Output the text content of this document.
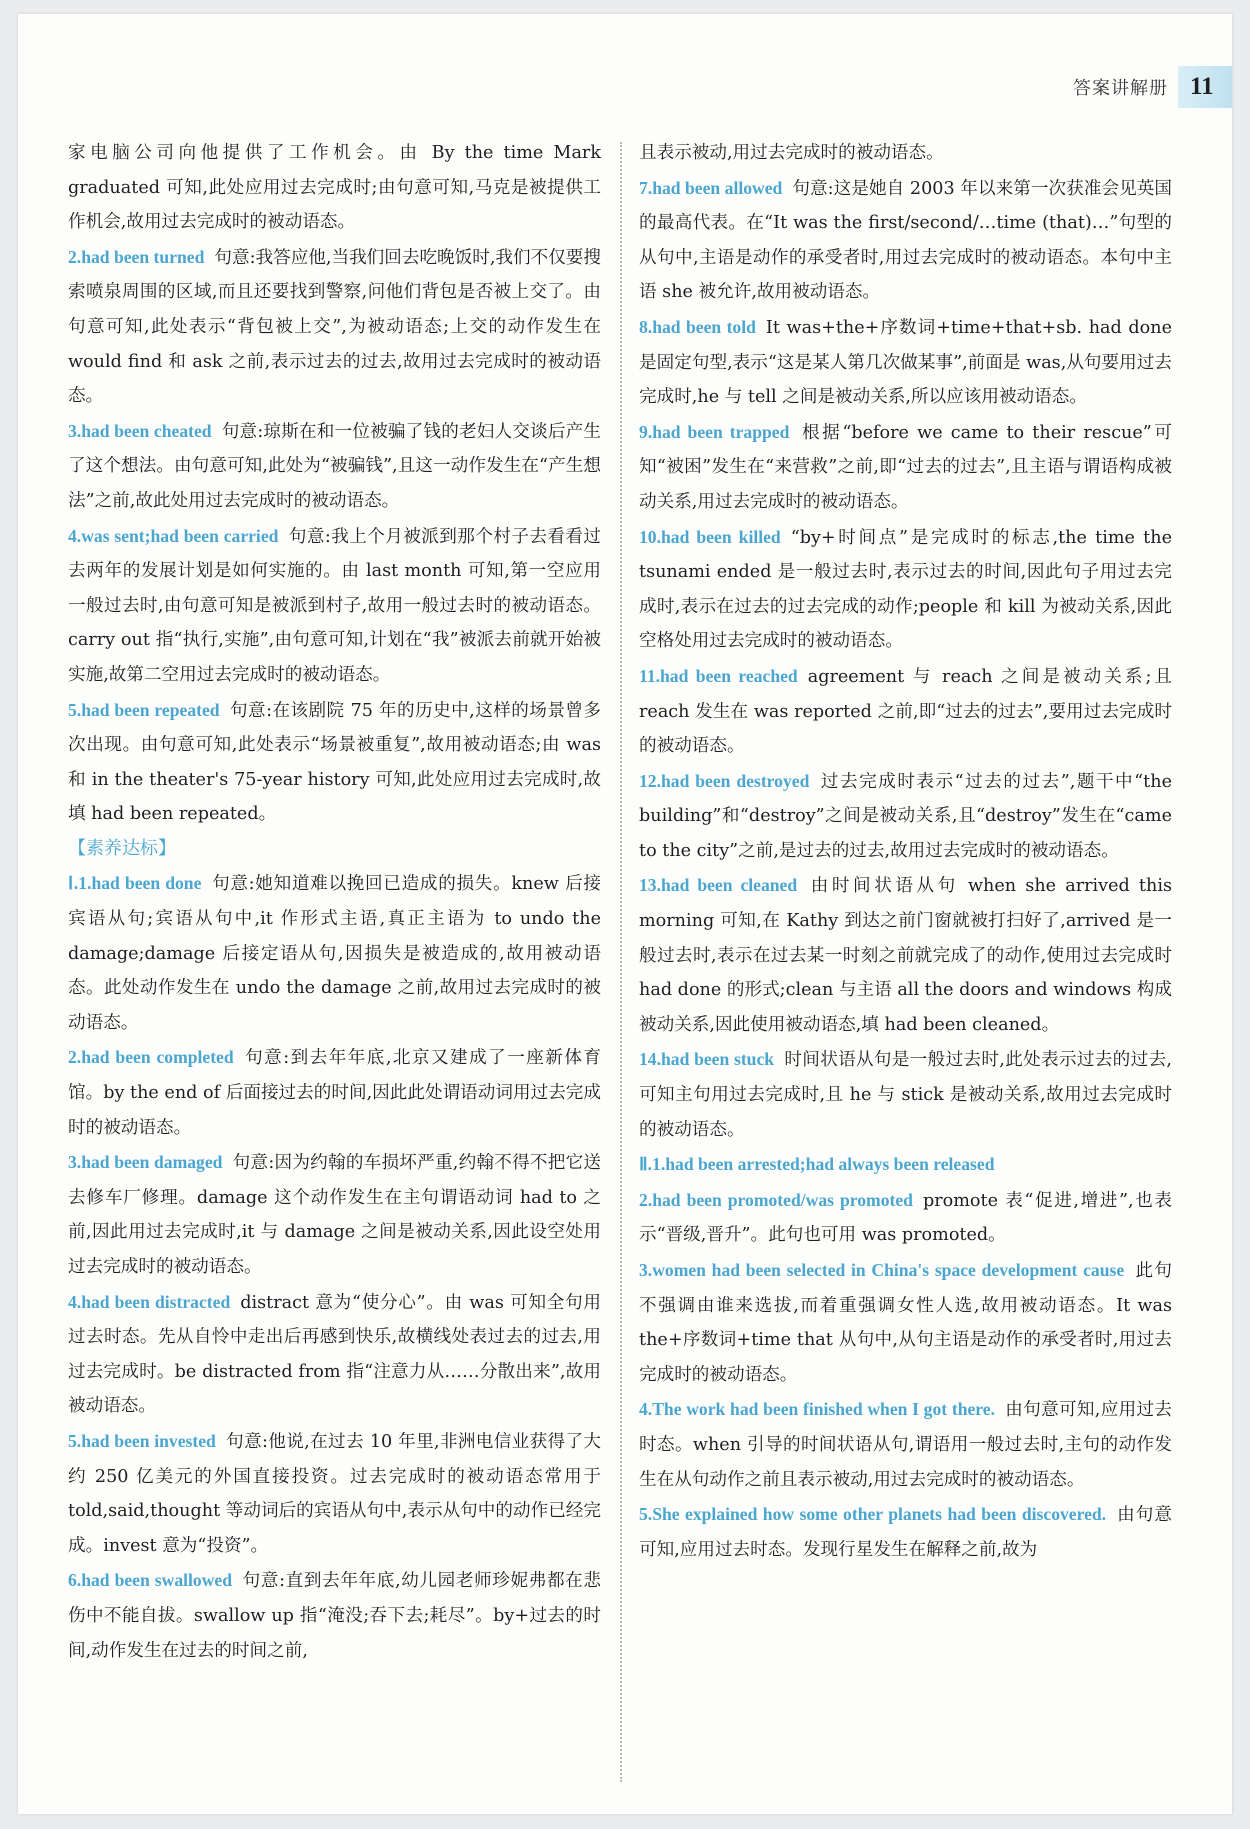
答案讲解册 11

家电脑公司向他提供了工作机会。由 By the time Mark graduated 可知,此处应用过去完成时;由句意可知,马克是被提供工作机会,故用过去完成时的被动语态。

2.had been turned 句意:我答应他,当我们回去吃晚饭时,我们不仅要搜索喷泉周围的区域,而且还要找到警察,问他们背包是否被上交了。由句意可知,此处表示“背包被上交”,为被动语态;上交的动作发生在 would find 和 ask 之前,表示过去的过去,故用过去完成时的被动语态。

3.had been cheated 句意:琼斯在和一位被骗了钱的老妇人交谈后产生了这个想法。由句意可知,此处为“被骗钱”,且这一动作发生在“产生想法”之前,故此处用过去完成时的被动语态。

4.was sent;had been carried 句意:我上个月被派到那个村子去看看过去两年的发展计划是如何实施的。由 last month 可知,第一空应用一般过去时,由句意可知是被派到村子,故用一般过去时的被动语态。carry out 指“执行,实施”,由句意可知,计划在“我”被派去前就开始被实施,故第二空用过去完成时的被动语态。

5.had been repeated 句意:在该剧院 75 年的历史中,这样的场景曾多次出现。由句意可知,此处表示“场景被重复”,故用被动语态;由 was 和 in the theater's 75-year history 可知,此处应用过去完成时,故填 had been repeated。

【素养达标】

Ⅰ.1.had been done 句意:她知道难以挽回已造成的损失。knew 后接宾语从句;宾语从句中,it 作形式主语,真正主语为 to undo the damage;damage 后接定语从句,因损失是被造成的,故用被动语态。此处动作发生在 undo the damage 之前,故用过去完成时的被动语态。

2.had been completed 句意:到去年年底,北京又建成了一座新体育馆。by the end of 后面接过去的时间,因此此处谓语动词用过去完成时的被动语态。

3.had been damaged 句意:因为约翰的车损坏严重,约翰不得不把它送去修车厂修理。damage 这个动作发生在主句谓语动词 had to 之前,因此用过去完成时,it 与 damage 之间是被动关系,因此设空处用过去完成时的被动语态。

4.had been distracted distract 意为“使分心”。由 was 可知全句用过去时态。先从自怜中走出后再感到快乐,故横线处表过去的过去,用过去完成时。be distracted from 指“注意力从……分散出来”,故用被动语态。

5.had been invested 句意:他说,在过去 10 年里,非洲电信业获得了大约 250 亿美元的外国直接投资。过去完成时的被动语态常用于 told,said,thought 等动词后的宾语从句中,表示从句中的动作已经完成。invest 意为“投资”。

6.had been swallowed 句意:直到去年年底,幼儿园老师珍妮弗都在悲伤中不能自拔。swallow up 指“淹没;吞下去;耗尽”。by+过去的时间,动作发生在过去的时间之前,

且表示被动,用过去完成时的被动语态。

7.had been allowed 句意:这是她自 2003 年以来第一次获准会见英国的最高代表。在“It was the first/second/…time (that)…”句型的从句中,主语是动作的承受者时,用过去完成时的被动语态。本句中主语 she 被允许,故用被动语态。

8.had been told It was+the+序数词+time+that+sb. had done 是固定句型,表示“这是某人第几次做某事”,前面是 was,从句要用过去完成时,he 与 tell 之间是被动关系,所以应该用被动语态。

9.had been trapped 根据“before we came to their rescue”可知“被困”发生在“来营救”之前,即“过去的过去”,且主语与谓语构成被动关系,用过去完成时的被动语态。

10.had been killed “by+时间点”是完成时的标志,the time the tsunami ended 是一般过去时,表示过去的时间,因此句子用过去完成时,表示在过去的过去完成的动作;people 和 kill 为被动关系,因此空格处用过去完成时的被动语态。

11.had been reached agreement 与 reach 之间是被动关系;且 reach 发生在 was reported 之前,即“过去的过去”,要用过去完成时的被动语态。

12.had been destroyed 过去完成时表示“过去的过去”,题干中“the building”和“destroy”之间是被动关系,且“destroy”发生在“came to the city”之前,是过去的过去,故用过去完成时的被动语态。

13.had been cleaned 由时间状语从句 when she arrived this morning 可知,在 Kathy 到达之前门窗就被打扫好了,arrived 是一般过去时,表示在过去某一时刻之前就完成了的动作,使用过去完成时 had done 的形式;clean 与主语 all the doors and windows 构成被动关系,因此使用被动语态,填 had been cleaned。

14.had been stuck 时间状语从句是一般过去时,此处表示过去的过去,可知主句用过去完成时,且 he 与 stick 是被动关系,故用过去完成时的被动语态。

Ⅱ.1.had been arrested;had always been released

2.had been promoted/was promoted promote 表“促进,增进”,也表示“晋级,晋升”。此句也可用 was promoted。

3.women had been selected in China's space development cause 此句不强调由谁来选拔,而着重强调女性人选,故用被动语态。It was the+序数词+time that 从句中,从句主语是动作的承受者时,用过去完成时的被动语态。

4.The work had been finished when I got there. 由句意可知,应用过去时态。when 引导的时间状语从句,谓语用一般过去时,主句的动作发生在从句动作之前且表示被动,用过去完成时的被动语态。

5.She explained how some other planets had been discovered. 由句意可知,应用过去时态。发现行星发生在解释之前,故为
